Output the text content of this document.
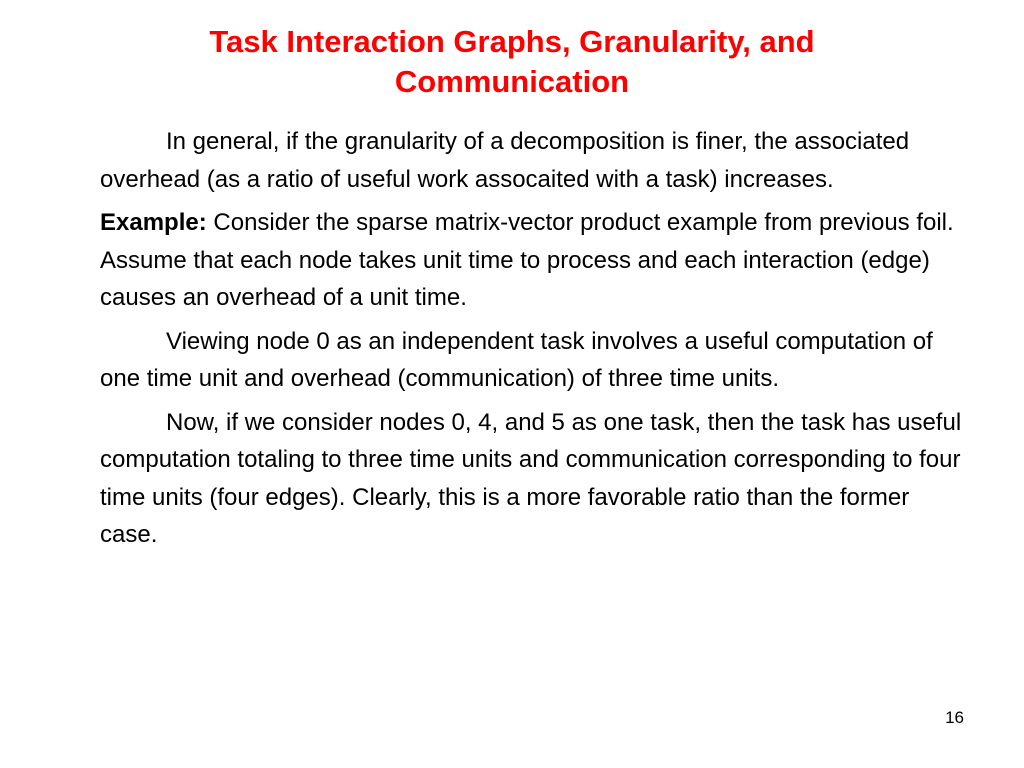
Task Interaction Graphs, Granularity, and Communication

In general, if the granularity of a decomposition is finer, the associated overhead (as a ratio of useful work assocaited with a task) increases.

Example: Consider the sparse matrix-vector product example from previous foil. Assume that each node takes unit time to process and each interaction (edge) causes an overhead of a unit time.

Viewing node 0 as an independent task involves a useful computation of one time unit and overhead (communication) of three time units.

Now, if we consider nodes 0, 4, and 5 as one task, then the task has useful computation totaling to three time units and communication corresponding to four time units (four edges). Clearly, this is a more favorable ratio than the former case.

16
